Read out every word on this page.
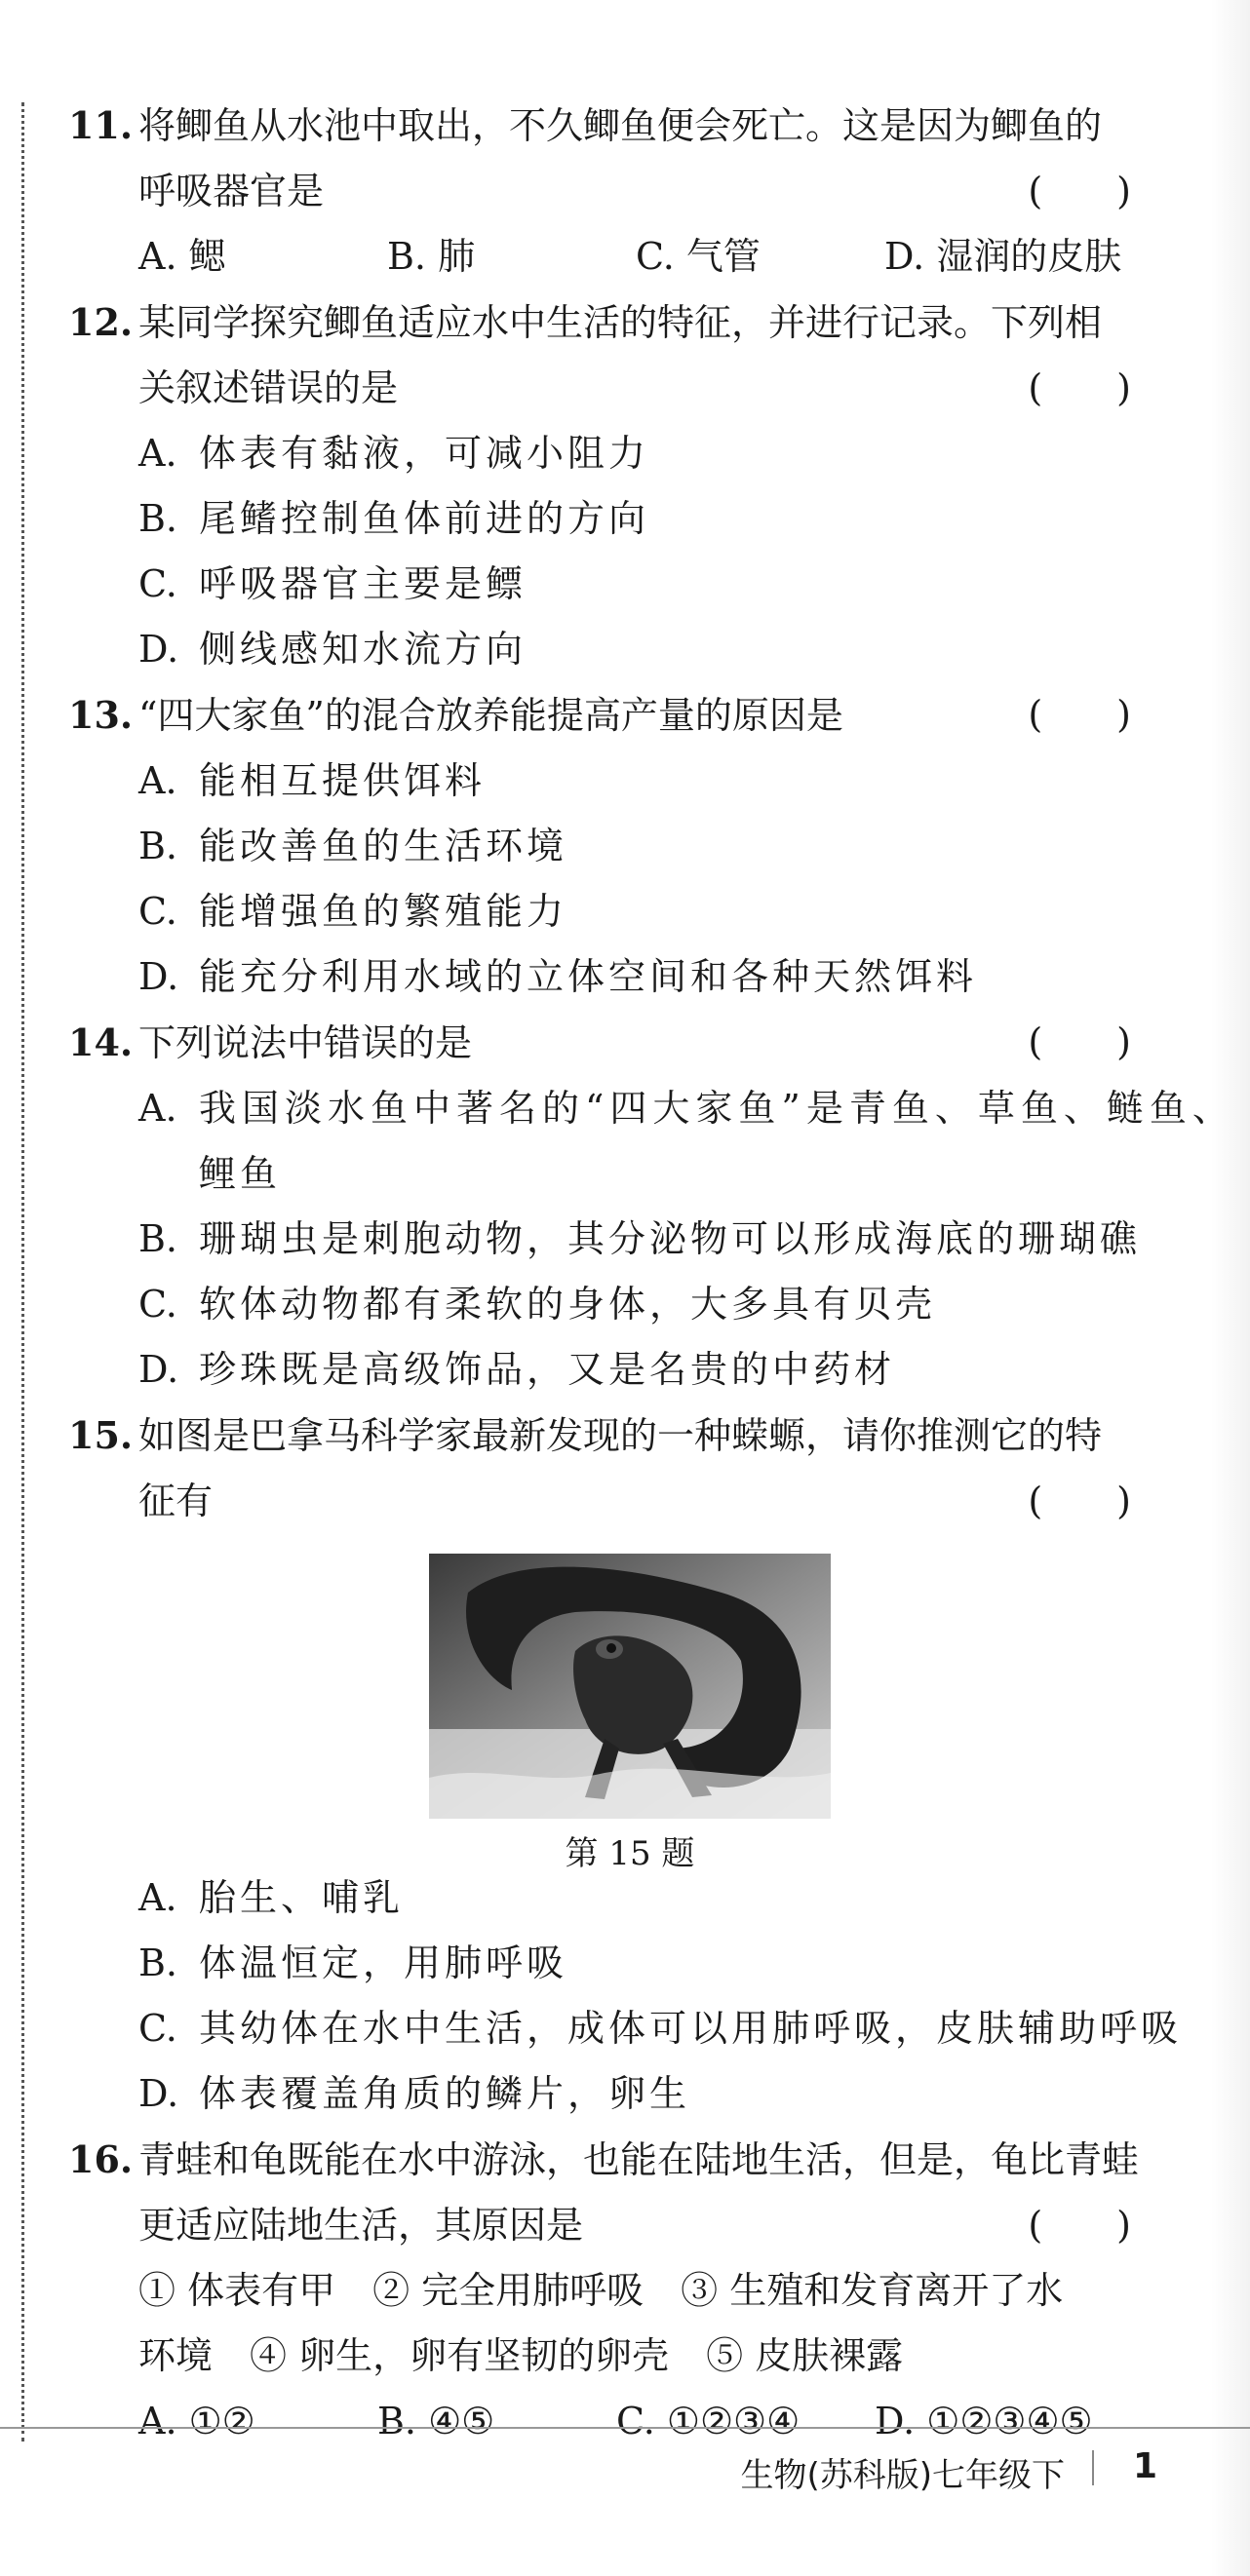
11. 将鲫鱼从水池中取出，不久鲫鱼便会死亡。这是因为鲫鱼的
呼吸器官是	(　　)
A. 鳃	B. 肺	C. 气管	D. 湿润的皮肤
12. 某同学探究鲫鱼适应水中生活的特征，并进行记录。下列相
关叙述错误的是	(　　)
A. 体表有黏液，可减小阻力
B. 尾鳍控制鱼体前进的方向
C. 呼吸器官主要是鳔
D. 侧线感知水流方向
13. “四大家鱼”的混合放养能提高产量的原因是	(　　)
A. 能相互提供饵料
B. 能改善鱼的生活环境
C. 能增强鱼的繁殖能力
D. 能充分利用水域的立体空间和各种天然饵料
14. 下列说法中错误的是	(　　)
A. 我国淡水鱼中著名的“四大家鱼”是青鱼、草鱼、鲢鱼、
鲤鱼
B. 珊瑚虫是刺胞动物，其分泌物可以形成海底的珊瑚礁
C. 软体动物都有柔软的身体，大多具有贝壳
D. 珍珠既是高级饰品，又是名贵的中药材
15. 如图是巴拿马科学家最新发现的一种蝾螈，请你推测它的特
征有	(　　)
第 15 题
A. 胎生、哺乳
B. 体温恒定，用肺呼吸
C. 其幼体在水中生活，成体可以用肺呼吸，皮肤辅助呼吸
D. 体表覆盖角质的鳞片，卵生
16. 青蛙和龟既能在水中游泳，也能在陆地生活，但是，龟比青蛙
更适应陆地生活，其原因是	(　　)
① 体表有甲　② 完全用肺呼吸　③ 生殖和发育离开了水
环境　④ 卵生，卵有坚韧的卵壳　⑤ 皮肤裸露
A. ①②	B. ④⑤	C. ①②③④	D. ①②③④⑤
生物(苏科版)七年级下 1
